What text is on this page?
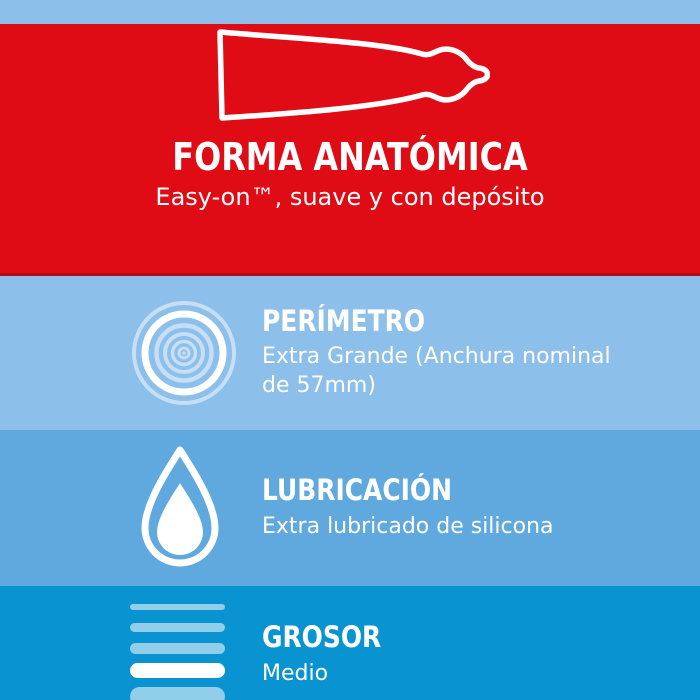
FORMA ANATÓMICA

Easy-on™, suave y con depósito

PERÍMETRO

Extra Grande (Anchura nominal de 57mm)

LUBRICACIÓN

Extra lubricado de silicona

GROSOR

Medio
